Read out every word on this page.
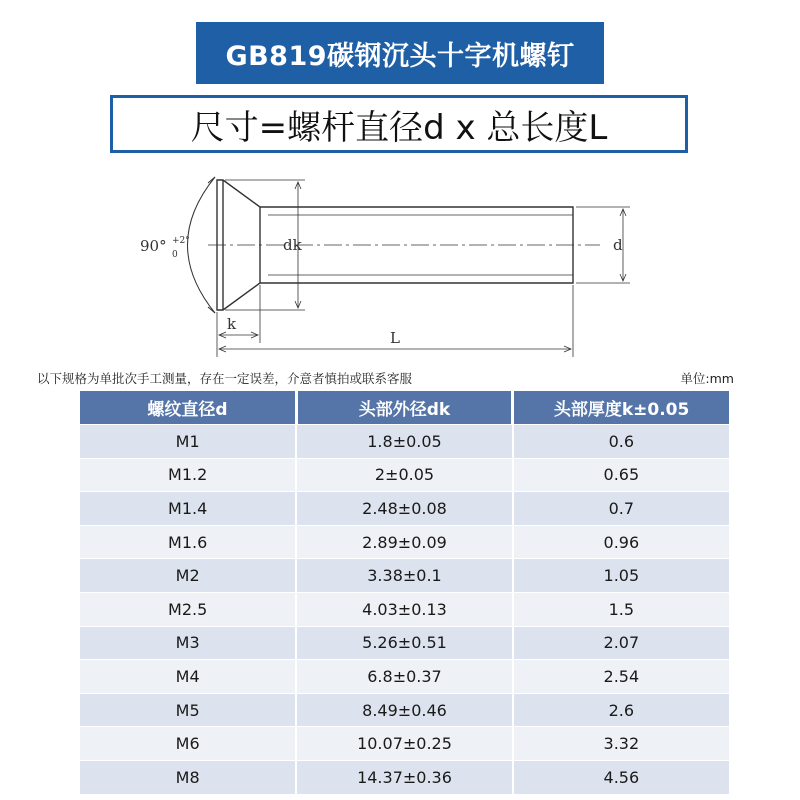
GB819碳钢沉头十字机螺钉
尺寸=螺杆直径d x 总长度L
90° +2°
0
dk	d
k
L
以下规格为单批次手工测量，存在一定误差，介意者慎拍或联系客服	单位:mm
螺纹直径d	头部外径dk	头部厚度k±0.05
M1	1.8±0.05	0.6
M1.2	2±0.05	0.65
M1.4	2.48±0.08	0.7
M1.6	2.89±0.09	0.96
M2	3.38±0.1	1.05
M2.5	4.03±0.13	1.5
M3	5.26±0.51	2.07
M4	6.8±0.37	2.54
M5	8.49±0.46	2.6
M6	10.07±0.25	3.32
M8	14.37±0.36	4.56
